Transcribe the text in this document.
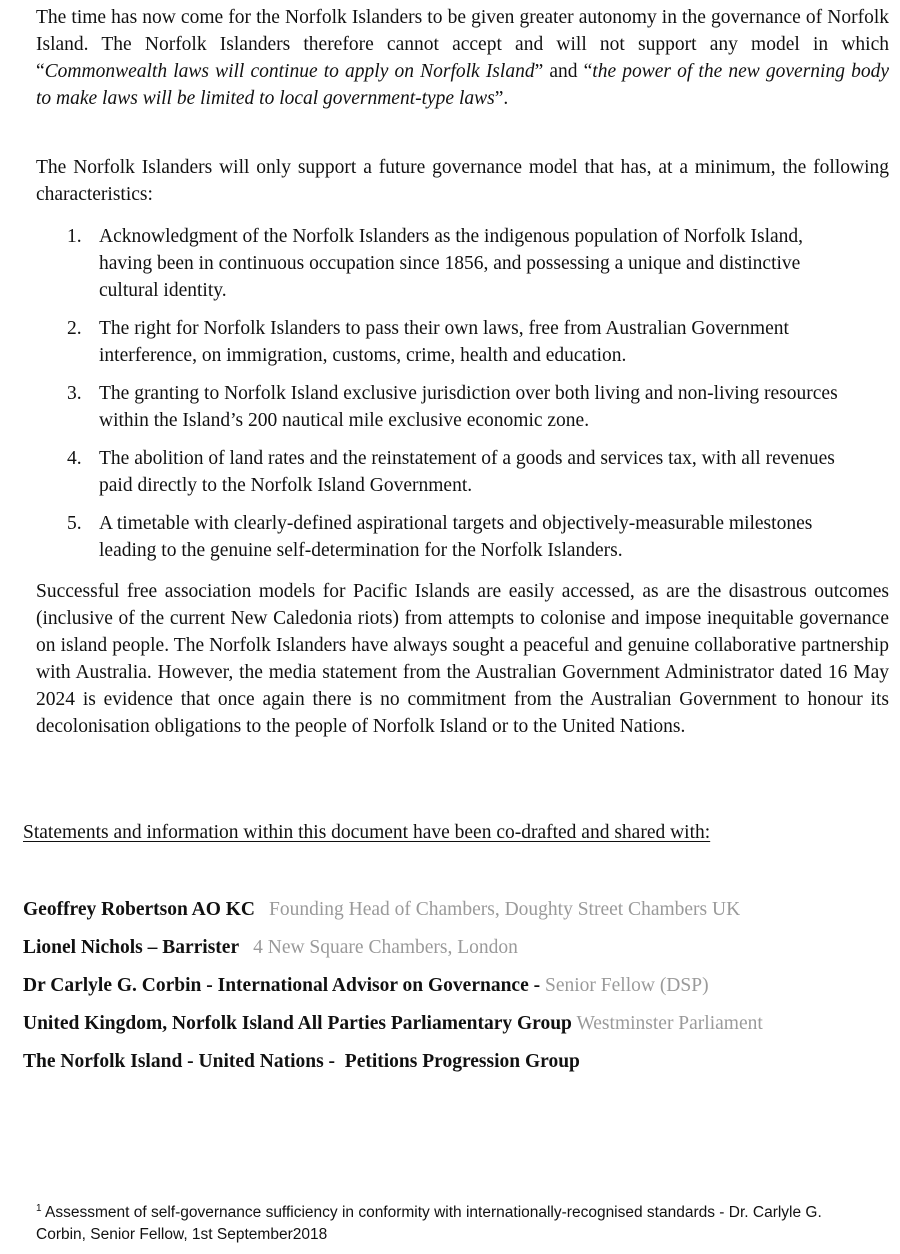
The time has now come for the Norfolk Islanders to be given greater autonomy in the governance of Norfolk Island. The Norfolk Islanders therefore cannot accept and will not support any model in which “Commonwealth laws will continue to apply on Norfolk Island” and “the power of the new governing body to make laws will be limited to local government-type laws”.

The Norfolk Islanders will only support a future governance model that has, at a minimum, the following characteristics:

1. Acknowledgment of the Norfolk Islanders as the indigenous population of Norfolk Island, having been in continuous occupation since 1856, and possessing a unique and distinctive cultural identity.
2. The right for Norfolk Islanders to pass their own laws, free from Australian Government interference, on immigration, customs, crime, health and education.
3. The granting to Norfolk Island exclusive jurisdiction over both living and non-living resources within the Island’s 200 nautical mile exclusive economic zone.
4. The abolition of land rates and the reinstatement of a goods and services tax, with all revenues paid directly to the Norfolk Island Government.
5. A timetable with clearly-defined aspirational targets and objectively-measurable milestones leading to the genuine self-determination for the Norfolk Islanders.

Successful free association models for Pacific Islands are easily accessed, as are the disastrous outcomes (inclusive of the current New Caledonia riots) from attempts to colonise and impose inequitable governance on island people. The Norfolk Islanders have always sought a peaceful and genuine collaborative partnership with Australia. However, the media statement from the Australian Government Administrator dated 16 May 2024 is evidence that once again there is no commitment from the Australian Government to honour its decolonisation obligations to the people of Norfolk Island or to the United Nations.

Statements and information within this document have been co-drafted and shared with:

Geoffrey Robertson AO KC Founding Head of Chambers, Doughty Street Chambers UK
Lionel Nichols – Barrister 4 New Square Chambers, London
Dr Carlyle G. Corbin - International Advisor on Governance - Senior Fellow (DSP)
United Kingdom, Norfolk Island All Parties Parliamentary Group Westminster Parliament
The Norfolk Island - United Nations -  Petitions Progression Group

$^1$ Assessment of self-governance sufficiency in conformity with internationally-recognised standards - Dr. Carlyle G. Corbin, Senior Fellow, 1st September2018
